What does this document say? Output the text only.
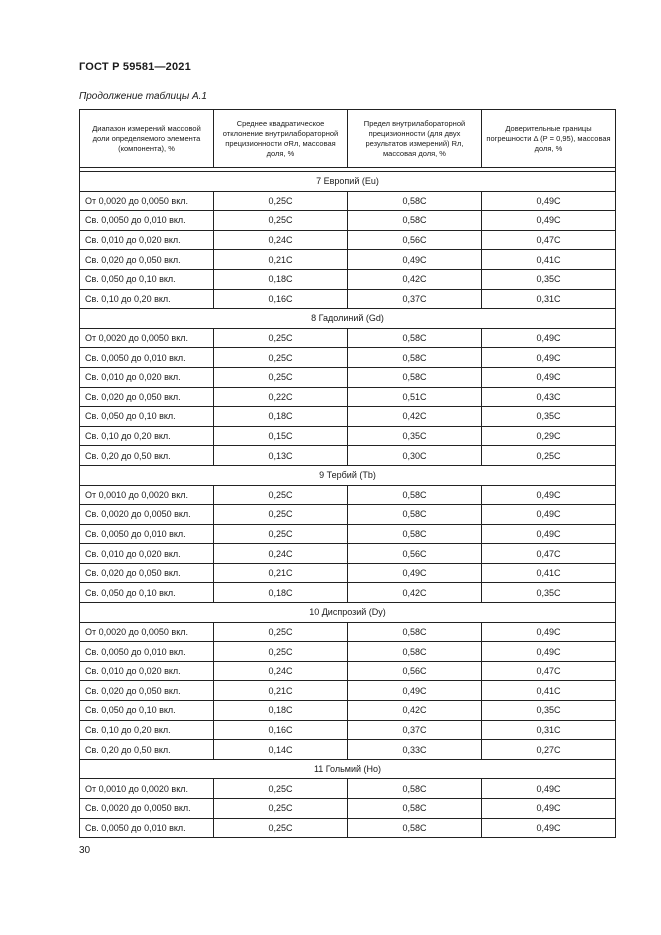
ГОСТ Р 59581—2021
Продолжение таблицы А.1
Диапазон измерений массовой доли определяемого элемента (компонента), %	Среднее квадратическое отклонение внутрилабораторной прецизионности σRл, массовая доля, %	Предел внутрилабораторной прецизионности (для двух результатов измерений) Rл, массовая доля, %	Доверительные границы погрешности Δ (P = 0,95), массовая доля, %

7 Европий (Eu)			
От 0,0020 до 0,0050 вкл.	0,25C	0,58C	0,49C
Св. 0,0050 до 0,010 вкл.	0,25C	0,58C	0,49C
Св. 0,010 до 0,020 вкл.	0,24C	0,56C	0,47C
Св. 0,020 до 0,050 вкл.	0,21C	0,49C	0,41C
Св. 0,050 до 0,10 вкл.	0,18C	0,42C	0,35C
Св. 0,10 до 0,20 вкл.	0,16C	0,37C	0,31C
8 Гадолиний (Gd)			
От 0,0020 до 0,0050 вкл.	0,25C	0,58C	0,49C
Св. 0,0050 до 0,010 вкл.	0,25C	0,58C	0,49C
Св. 0,010 до 0,020 вкл.	0,25C	0,58C	0,49C
Св. 0,020 до 0,050 вкл.	0,22C	0,51C	0,43C
Св. 0,050 до 0,10 вкл.	0,18C	0,42C	0,35C
Св. 0,10 до 0,20 вкл.	0,15C	0,35C	0,29C
Св. 0,20 до 0,50 вкл.	0,13C	0,30C	0,25C
9 Тербий (Tb)			
От 0,0010 до 0,0020 вкл.	0,25C	0,58C	0,49C
Св. 0,0020 до 0,0050 вкл.	0,25C	0,58C	0,49C
Св. 0,0050 до 0,010 вкл.	0,25C	0,58C	0,49C
Св. 0,010 до 0,020 вкл.	0,24C	0,56C	0,47C
Св. 0,020 до 0,050 вкл.	0,21C	0,49C	0,41C
Св. 0,050 до 0,10 вкл.	0,18C	0,42C	0,35C
10 Диспрозий (Dy)			
От 0,0020 до 0,0050 вкл.	0,25C	0,58C	0,49C
Св. 0,0050 до 0,010 вкл.	0,25C	0,58C	0,49C
Св. 0,010 до 0,020 вкл.	0,24C	0,56C	0,47C
Св. 0,020 до 0,050 вкл.	0,21C	0,49C	0,41C
Св. 0,050 до 0,10 вкл.	0,18C	0,42C	0,35C
Св. 0,10 до 0,20 вкл.	0,16C	0,37C	0,31C
Св. 0,20 до 0,50 вкл.	0,14C	0,33C	0,27C
11 Гольмий (Ho)			
От 0,0010 до 0,0020 вкл.	0,25C	0,58C	0,49C
Св. 0,0020 до 0,0050 вкл.	0,25C	0,58C	0,49C
Св. 0,0050 до 0,010 вкл.	0,25C	0,58C	0,49C
30
